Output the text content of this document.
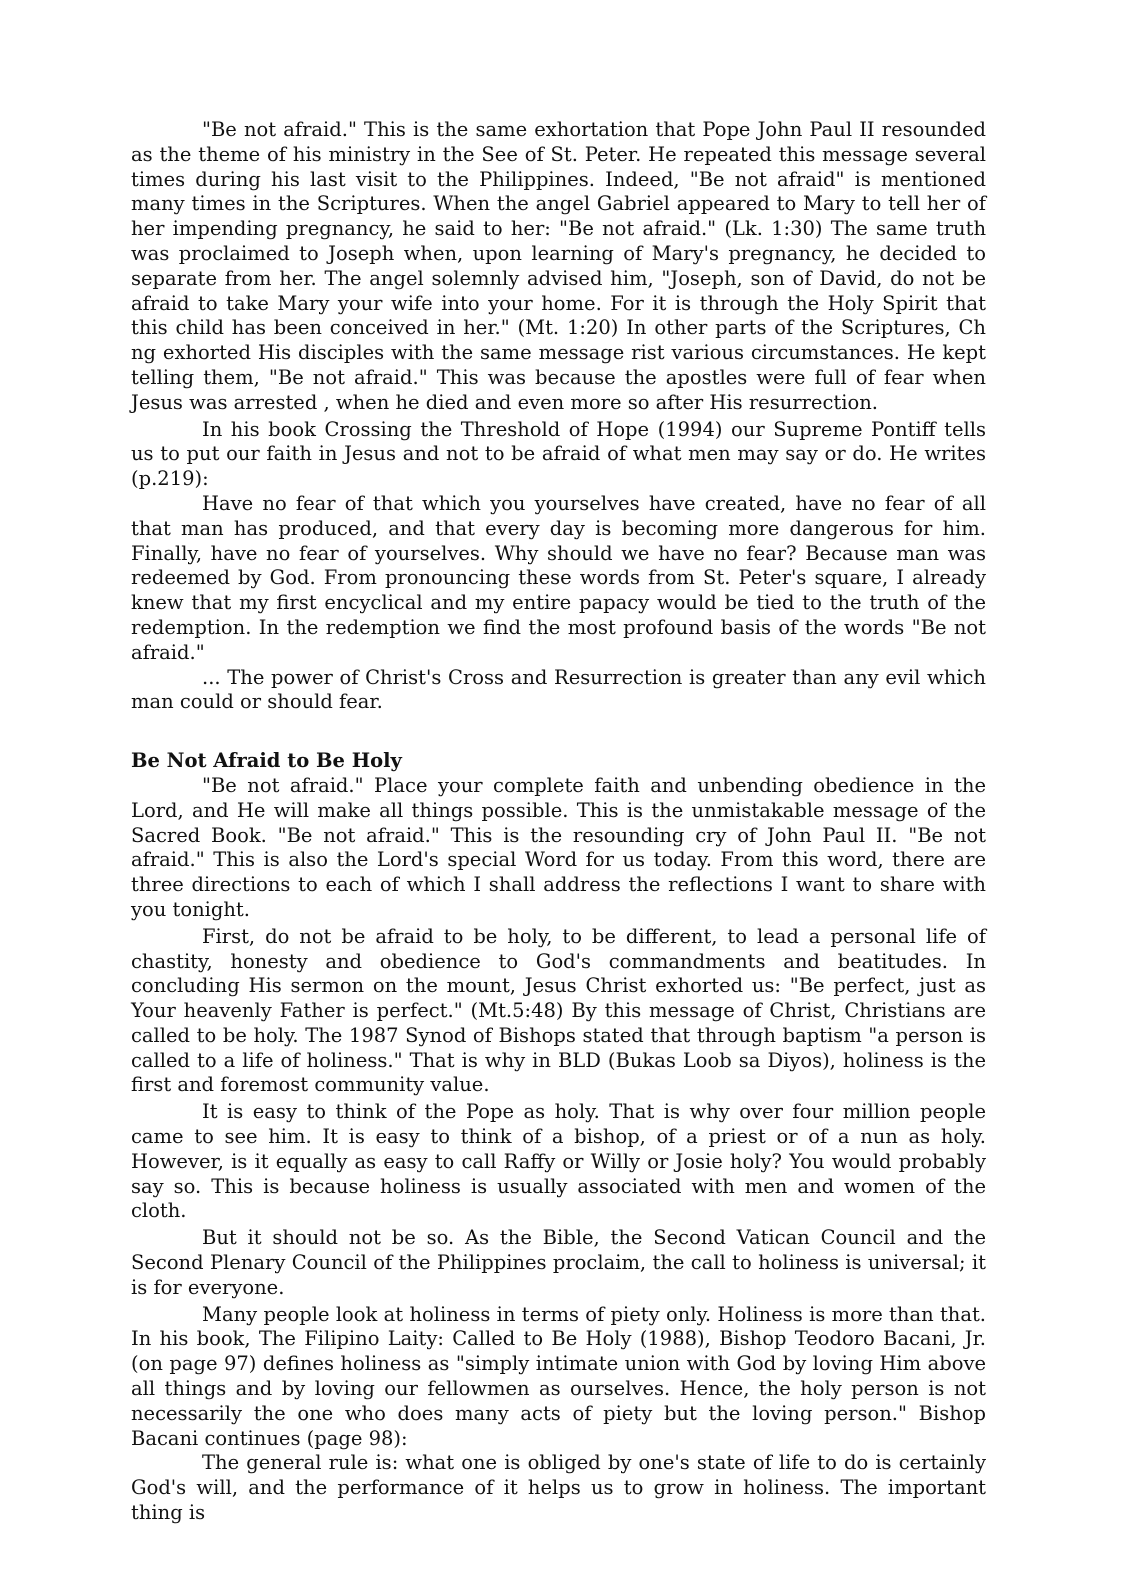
"Be not afraid." This is the same exhortation that Pope John Paul II resounded as the theme of his ministry in the See of St. Peter. He repeated this message several times during his last visit to the Philippines. Indeed, "Be not afraid" is mentioned many times in the Scriptures. When the angel Gabriel appeared to Mary to tell her of her impending pregnancy, he said to her: "Be not afraid." (Lk. 1:30) The same truth was proclaimed to Joseph when, upon learning of Mary's pregnancy, he decided to separate from her. The angel solemnly advised him, "Joseph, son of David, do not be afraid to take Mary your wife into your home. For it is through the Holy Spirit that this child has been conceived in her." (Mt. 1:20) In other parts of the Scriptures, Ch ng exhorted His disciples with the same message rist various circumstances. He kept telling them, "Be not afraid." This was because the apostles were full of fear when Jesus was arrested , when he died and even more so after His resurrection.

In his book Crossing the Threshold of Hope (1994) our Supreme Pontiff tells us to put our faith in Jesus and not to be afraid of what men may say or do. He writes (p.219):

Have no fear of that which you yourselves have created, have no fear of all that man has produced, and that every day is becoming more dangerous for him. Finally, have no fear of yourselves. Why should we have no fear? Because man was redeemed by God. From pronouncing these words from St. Peter's square, I already knew that my first encyclical and my entire papacy would be tied to the truth of the redemption. In the redemption we find the most profound basis of the words "Be not afraid."

... The power of Christ's Cross and Resurrection is greater than any evil which man could or should fear.

Be Not Afraid to Be Holy

"Be not afraid." Place your complete faith and unbending obedience in the Lord, and He will make all things possible. This is the unmistakable message of the Sacred Book. "Be not afraid." This is the resounding cry of John Paul II. "Be not afraid." This is also the Lord's special Word for us today. From this word, there are three directions to each of which I shall address the reflections I want to share with you tonight.

First, do not be afraid to be holy, to be different, to lead a personal life of chastity, honesty and obedience to God's commandments and beatitudes. In concluding His sermon on the mount, Jesus Christ exhorted us: "Be perfect, just as Your heavenly Father is perfect." (Mt.5:48) By this message of Christ, Christians are called to be holy. The 1987 Synod of Bishops stated that through baptism "a person is called to a life of holiness." That is why in BLD (Bukas Loob sa Diyos), holiness is the first and foremost community value.

It is easy to think of the Pope as holy. That is why over four million people came to see him. It is easy to think of a bishop, of a priest or of a nun as holy. However, is it equally as easy to call Raffy or Willy or Josie holy? You would probably say so. This is because holiness is usually associated with men and women of the cloth.

But it should not be so. As the Bible, the Second Vatican Council and the Second Plenary Council of the Philippines proclaim, the call to holiness is universal; it is for everyone.

Many people look at holiness in terms of piety only. Holiness is more than that. In his book, The Filipino Laity: Called to Be Holy (1988), Bishop Teodoro Bacani, Jr. (on page 97) defines holiness as "simply intimate union with God by loving Him above all things and by loving our fellowmen as ourselves. Hence, the holy person is not necessarily the one who does many acts of piety but the loving person." Bishop Bacani continues (page 98):

The general rule is: what one is obliged by one's state of life to do is certainly God's will, and the performance of it helps us to grow in holiness. The important thing is
